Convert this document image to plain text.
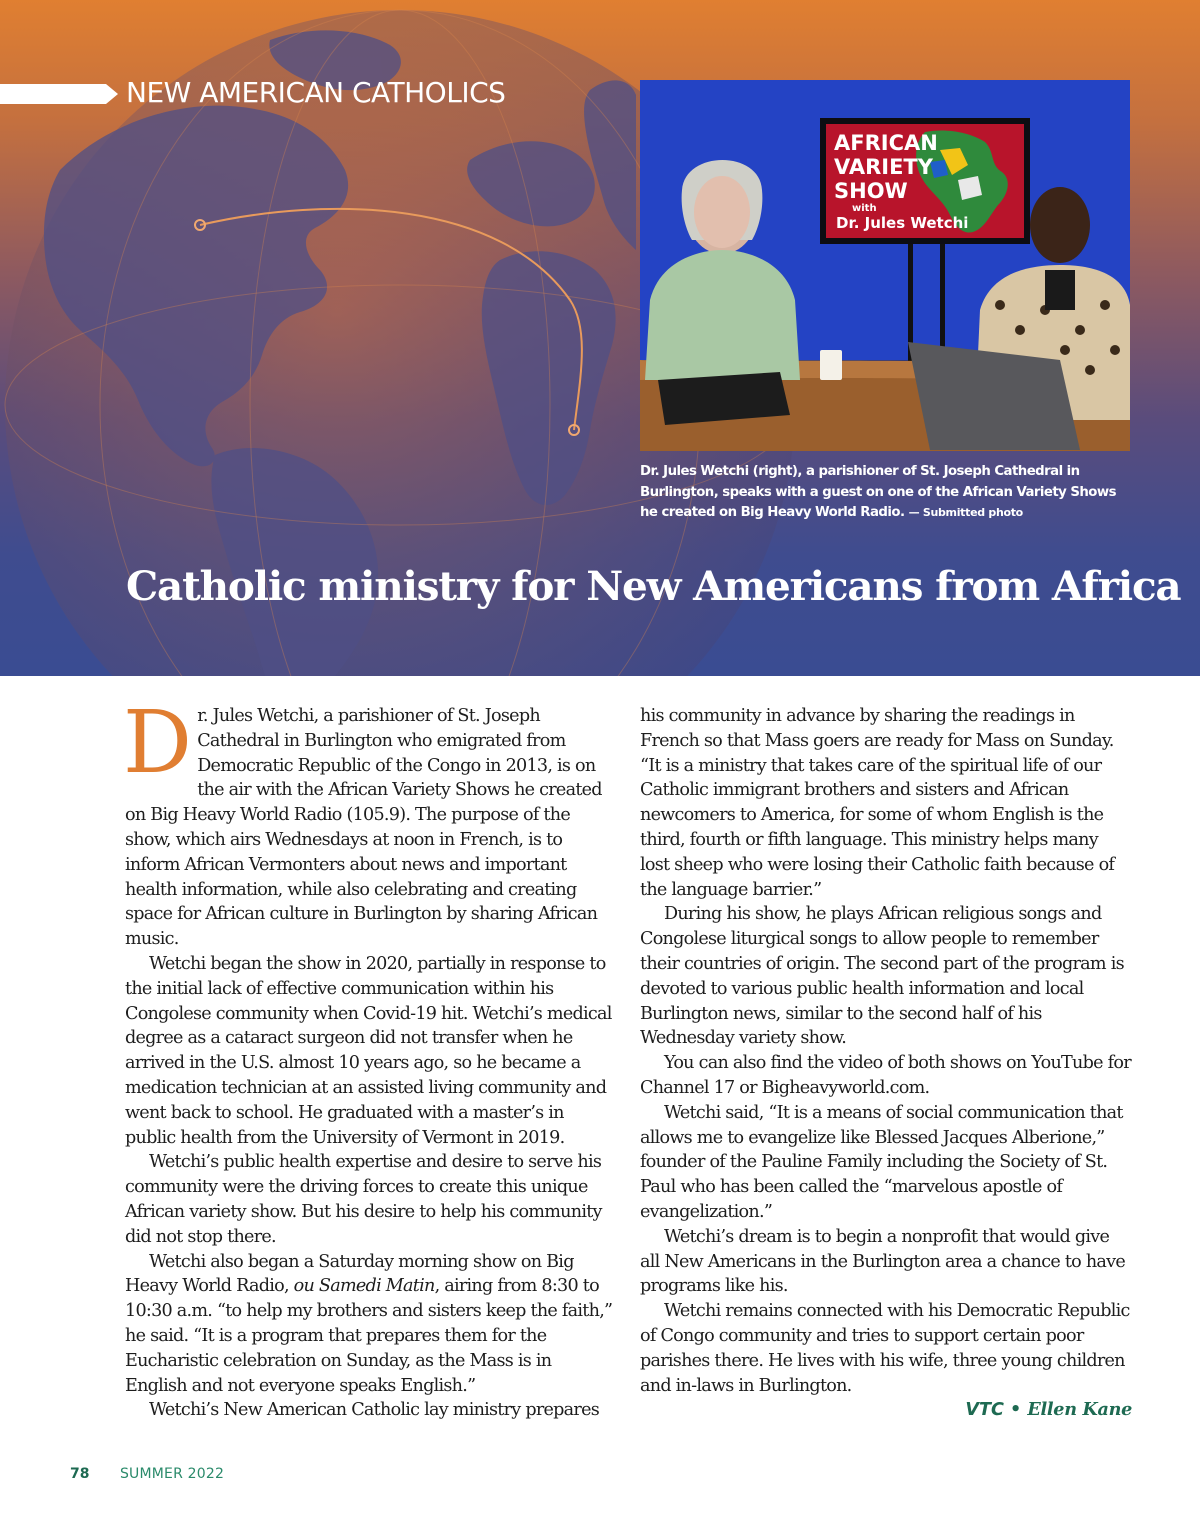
NEW AMERICAN CATHOLICS
AFRICAN
VARIETY
SHOW
with
Dr. Jules Wetchi
Dr. Jules Wetchi (right), a parishioner of St. Joseph Cathedral in Burlington, speaks with a guest on one of the African Variety Shows he created on Big Heavy World Radio. — Submitted photo
Catholic ministry for New Americans from Africa

Dr. Jules Wetchi, a parishioner of St. Joseph Cathedral in Burlington who emigrated from Democratic Republic of the Congo in 2013, is on the air with the African Variety Shows he created on Big Heavy World Radio (105.9). The purpose of the show, which airs Wednesdays at noon in French, is to inform African Vermonters about news and important health information, while also celebrating and creating space for African culture in Burlington by sharing African music.

Wetchi began the show in 2020, partially in response to the initial lack of effective communication within his Congolese community when Covid-19 hit. Wetchi’s medical degree as a cataract surgeon did not transfer when he arrived in the U.S. almost 10 years ago, so he became a medication technician at an assisted living community and went back to school. He graduated with a master’s in public health from the University of Vermont in 2019.

Wetchi’s public health expertise and desire to serve his community were the driving forces to create this unique African variety show. But his desire to help his community did not stop there.

Wetchi also began a Saturday morning show on Big Heavy World Radio, ou Samedi Matin, airing from 8:30 to 10:30 a.m. “to help my brothers and sisters keep the faith,” he said. “It is a program that prepares them for the Eucharistic celebration on Sunday, as the Mass is in English and not everyone speaks English.”

Wetchi’s New American Catholic lay ministry prepares

his community in advance by sharing the readings in French so that Mass goers are ready for Mass on Sunday. “It is a ministry that takes care of the spiritual life of our Catholic immigrant brothers and sisters and African newcomers to America, for some of whom English is the third, fourth or fifth language. This ministry helps many lost sheep who were losing their Catholic faith because of the language barrier.”

During his show, he plays African religious songs and Congolese liturgical songs to allow people to remember their countries of origin. The second part of the program is devoted to various public health information and local Burlington news, similar to the second half of his Wednesday variety show.

You can also find the video of both shows on YouTube for Channel 17 or Bigheavyworld.com.

Wetchi said, “It is a means of social communication that allows me to evangelize like Blessed Jacques Alberione,” founder of the Pauline Family including the Society of St. Paul who has been called the “marvelous apostle of evangelization.”

Wetchi’s dream is to begin a nonprofit that would give all New Americans in the Burlington area a chance to have programs like his.

Wetchi remains connected with his Democratic Republic of Congo community and tries to support certain poor parishes there. He lives with his wife, three young children and in-laws in Burlington.

VTC • Ellen Kane

78 SUMMER 2022
